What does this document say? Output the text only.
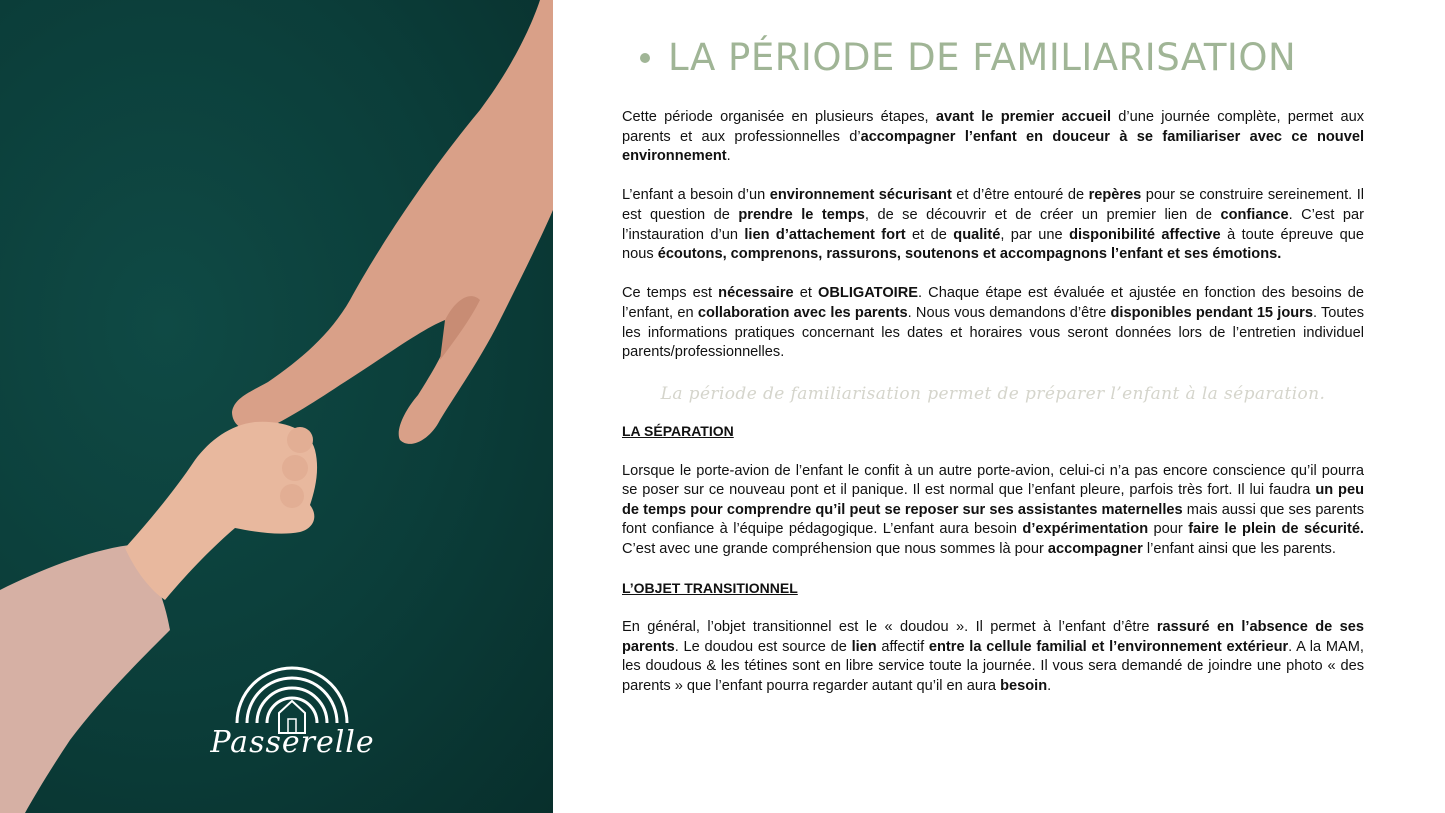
Passerelle
LA PÉRIODE DE FAMILIARISATION

Cette période organisée en plusieurs étapes, avant le premier accueil d’une journée complète, permet aux parents et aux professionnelles d’accompagner l’enfant en douceur à se familiariser avec ce nouvel environnement.

L’enfant a besoin d’un environnement sécurisant et d’être entouré de repères pour se construire sereinement. Il est question de prendre le temps, de se découvrir et de créer un premier lien de confiance. C’est par l’instauration d’un lien d’attachement fort et de qualité, par une disponibilité affective à toute épreuve que nous écoutons, comprenons, rassurons, soutenons et accompagnons l’enfant et ses émotions.

Ce temps est nécessaire et OBLIGATOIRE. Chaque étape est évaluée et ajustée en fonction des besoins de l’enfant, en collaboration avec les parents. Nous vous demandons d’être disponibles pendant 15 jours. Toutes les informations pratiques concernant les dates et horaires vous seront données lors de l’entretien individuel parents/professionnelles.

La période de familiarisation permet de préparer l’enfant à la séparation.
LA SÉPARATION

Lorsque le porte-avion de l’enfant le confit à un autre porte-avion, celui-ci n’a pas encore conscience qu’il pourra se poser sur ce nouveau pont et il panique. Il est normal que l’enfant pleure, parfois très fort. Il lui faudra un peu de temps pour comprendre qu’il peut se reposer sur ses assistantes maternelles mais aussi que ses parents font confiance à l’équipe pédagogique. L’enfant aura besoin d’expérimentation pour faire le plein de sécurité. C’est avec une grande compréhension que nous sommes là pour accompagner l’enfant ainsi que les parents.

L’OBJET TRANSITIONNEL

En général, l’objet transitionnel est le « doudou ». Il permet à l’enfant d’être rassuré en l’absence de ses parents. Le doudou est source de lien affectif entre la cellule familial et l’environnement extérieur. A la MAM, les doudous & les tétines sont en libre service toute la journée. Il vous sera demandé de joindre une photo « des parents » que l’enfant pourra regarder autant qu’il en aura besoin.
